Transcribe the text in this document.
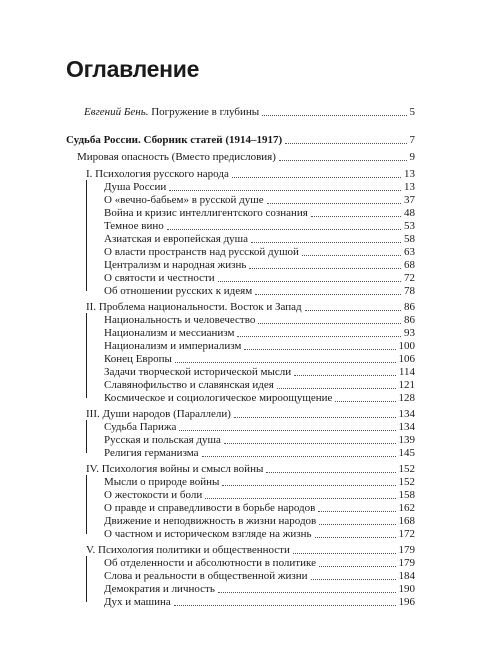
Оглавление
Евгений Бень. Погружение в глубины	5
Судьба России. Сборник статей (1914–1917)	7
Мировая опасность (Вместо предисловия)	9
I. Психология русского народа	13
Душа России	13
О «вечно-бабьем» в русской душе	37
Война и кризис интеллигентского сознания	48
Темное вино	53
Азиатская и европейская душа	58
О власти пространств над русской душой	63
Централизм и народная жизнь	68
О святости и честности	72
Об отношении русских к идеям	78
II. Проблема национальности. Восток и Запад	86
Национальность и человечество	86
Национализм и мессианизм	93
Национализм и империализм	100
Конец Европы	106
Задачи творческой исторической мысли	114
Славянофильство и славянская идея	121
Космическое и социологическое мироощущение	128
III. Души народов (Параллели)	134
Судьба Парижа	134
Русская и польская душа	139
Религия германизма	145
IV. Психология войны и смысл войны	152
Мысли о природе войны	152
О жестокости и боли	158
О правде и справедливости в борьбе народов	162
Движение и неподвижность в жизни народов	168
О частном и историческом взгляде на жизнь	172
V. Психология политики и общественности	179
Об отделенности и абсолютности в политике	179
Слова и реальности в общественной жизни	184
Демократия и личность	190
Дух и машина	196
